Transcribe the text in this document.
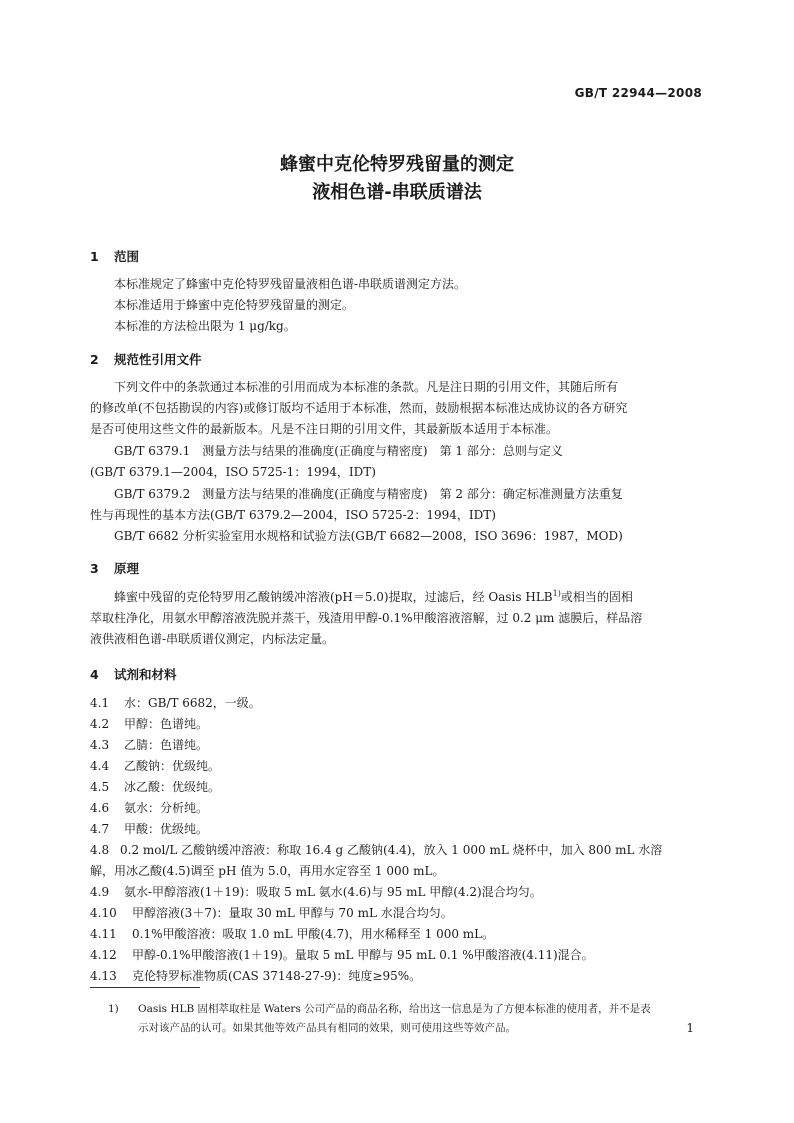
GB/T 22944—2008
蜂蜜中克伦特罗残留量的测定
液相色谱-串联质谱法
1 范围
本标准规定了蜂蜜中克伦特罗残留量液相色谱-串联质谱测定方法。
本标准适用于蜂蜜中克伦特罗残留量的测定。
本标准的方法检出限为 1 μg/kg。
2 规范性引用文件
下列文件中的条款通过本标准的引用而成为本标准的条款。凡是注日期的引用文件，其随后所有
的修改单(不包括勘误的内容)或修订版均不适用于本标准，然而，鼓励根据本标准达成协议的各方研究
是否可使用这些文件的最新版本。凡是不注日期的引用文件，其最新版本适用于本标准。
GB/T 6379.1　测量方法与结果的准确度(正确度与精密度)　第 1 部分：总则与定义
(GB/T 6379.1—2004，ISO 5725-1：1994，IDT)
GB/T 6379.2　测量方法与结果的准确度(正确度与精密度)　第 2 部分：确定标准测量方法重复
性与再现性的基本方法(GB/T 6379.2—2004，ISO 5725-2：1994，IDT)
GB/T 6682 分析实验室用水规格和试验方法(GB/T 6682—2008，ISO 3696：1987，MOD)
3 原理
蜂蜜中残留的克伦特罗用乙酸钠缓冲溶液(pH＝5.0)提取，过滤后，经 Oasis HLB$^{1)}$或相当的固相
萃取柱净化，用氨水甲醇溶液洗脱并蒸干，残渣用甲醇-0.1%甲酸溶液溶解，过 0.2 μm 滤膜后，样品溶
液供液相色谱-串联质谱仪测定，内标法定量。
4 试剂和材料
4.1 水：GB/T 6682，一级。
4.2 甲醇：色谱纯。
4.3 乙腈：色谱纯。
4.4 乙酸钠：优级纯。
4.5 冰乙酸：优级纯。
4.6 氨水：分析纯。
4.7 甲酸：优级纯。
4.8 0.2 mol/L 乙酸钠缓冲溶液：称取 16.4 g 乙酸钠(4.4)，放入 1 000 mL 烧杯中，加入 800 mL 水溶
解，用冰乙酸(4.5)调至 pH 值为 5.0，再用水定容至 1 000 mL。
4.9 氨水-甲醇溶液(1＋19)：吸取 5 mL 氨水(4.6)与 95 mL 甲醇(4.2)混合均匀。
4.10 甲醇溶液(3＋7)：量取 30 mL 甲醇与 70 mL 水混合均匀。
4.11 0.1%甲酸溶液：吸取 1.0 mL 甲酸(4.7)，用水稀释至 1 000 mL。
4.12 甲醇-0.1%甲酸溶液(1＋19)。量取 5 mL 甲醇与 95 mL 0.1 %甲酸溶液(4.11)混合。
4.13 克伦特罗标准物质(CAS 37148-27-9)：纯度≥95%。
1) Oasis HLB 固相萃取柱是 Waters 公司产品的商品名称，给出这一信息是为了方便本标准的使用者，并不是表
示对该产品的认可。如果其他等效产品具有相同的效果，则可使用这些等效产品。	1
